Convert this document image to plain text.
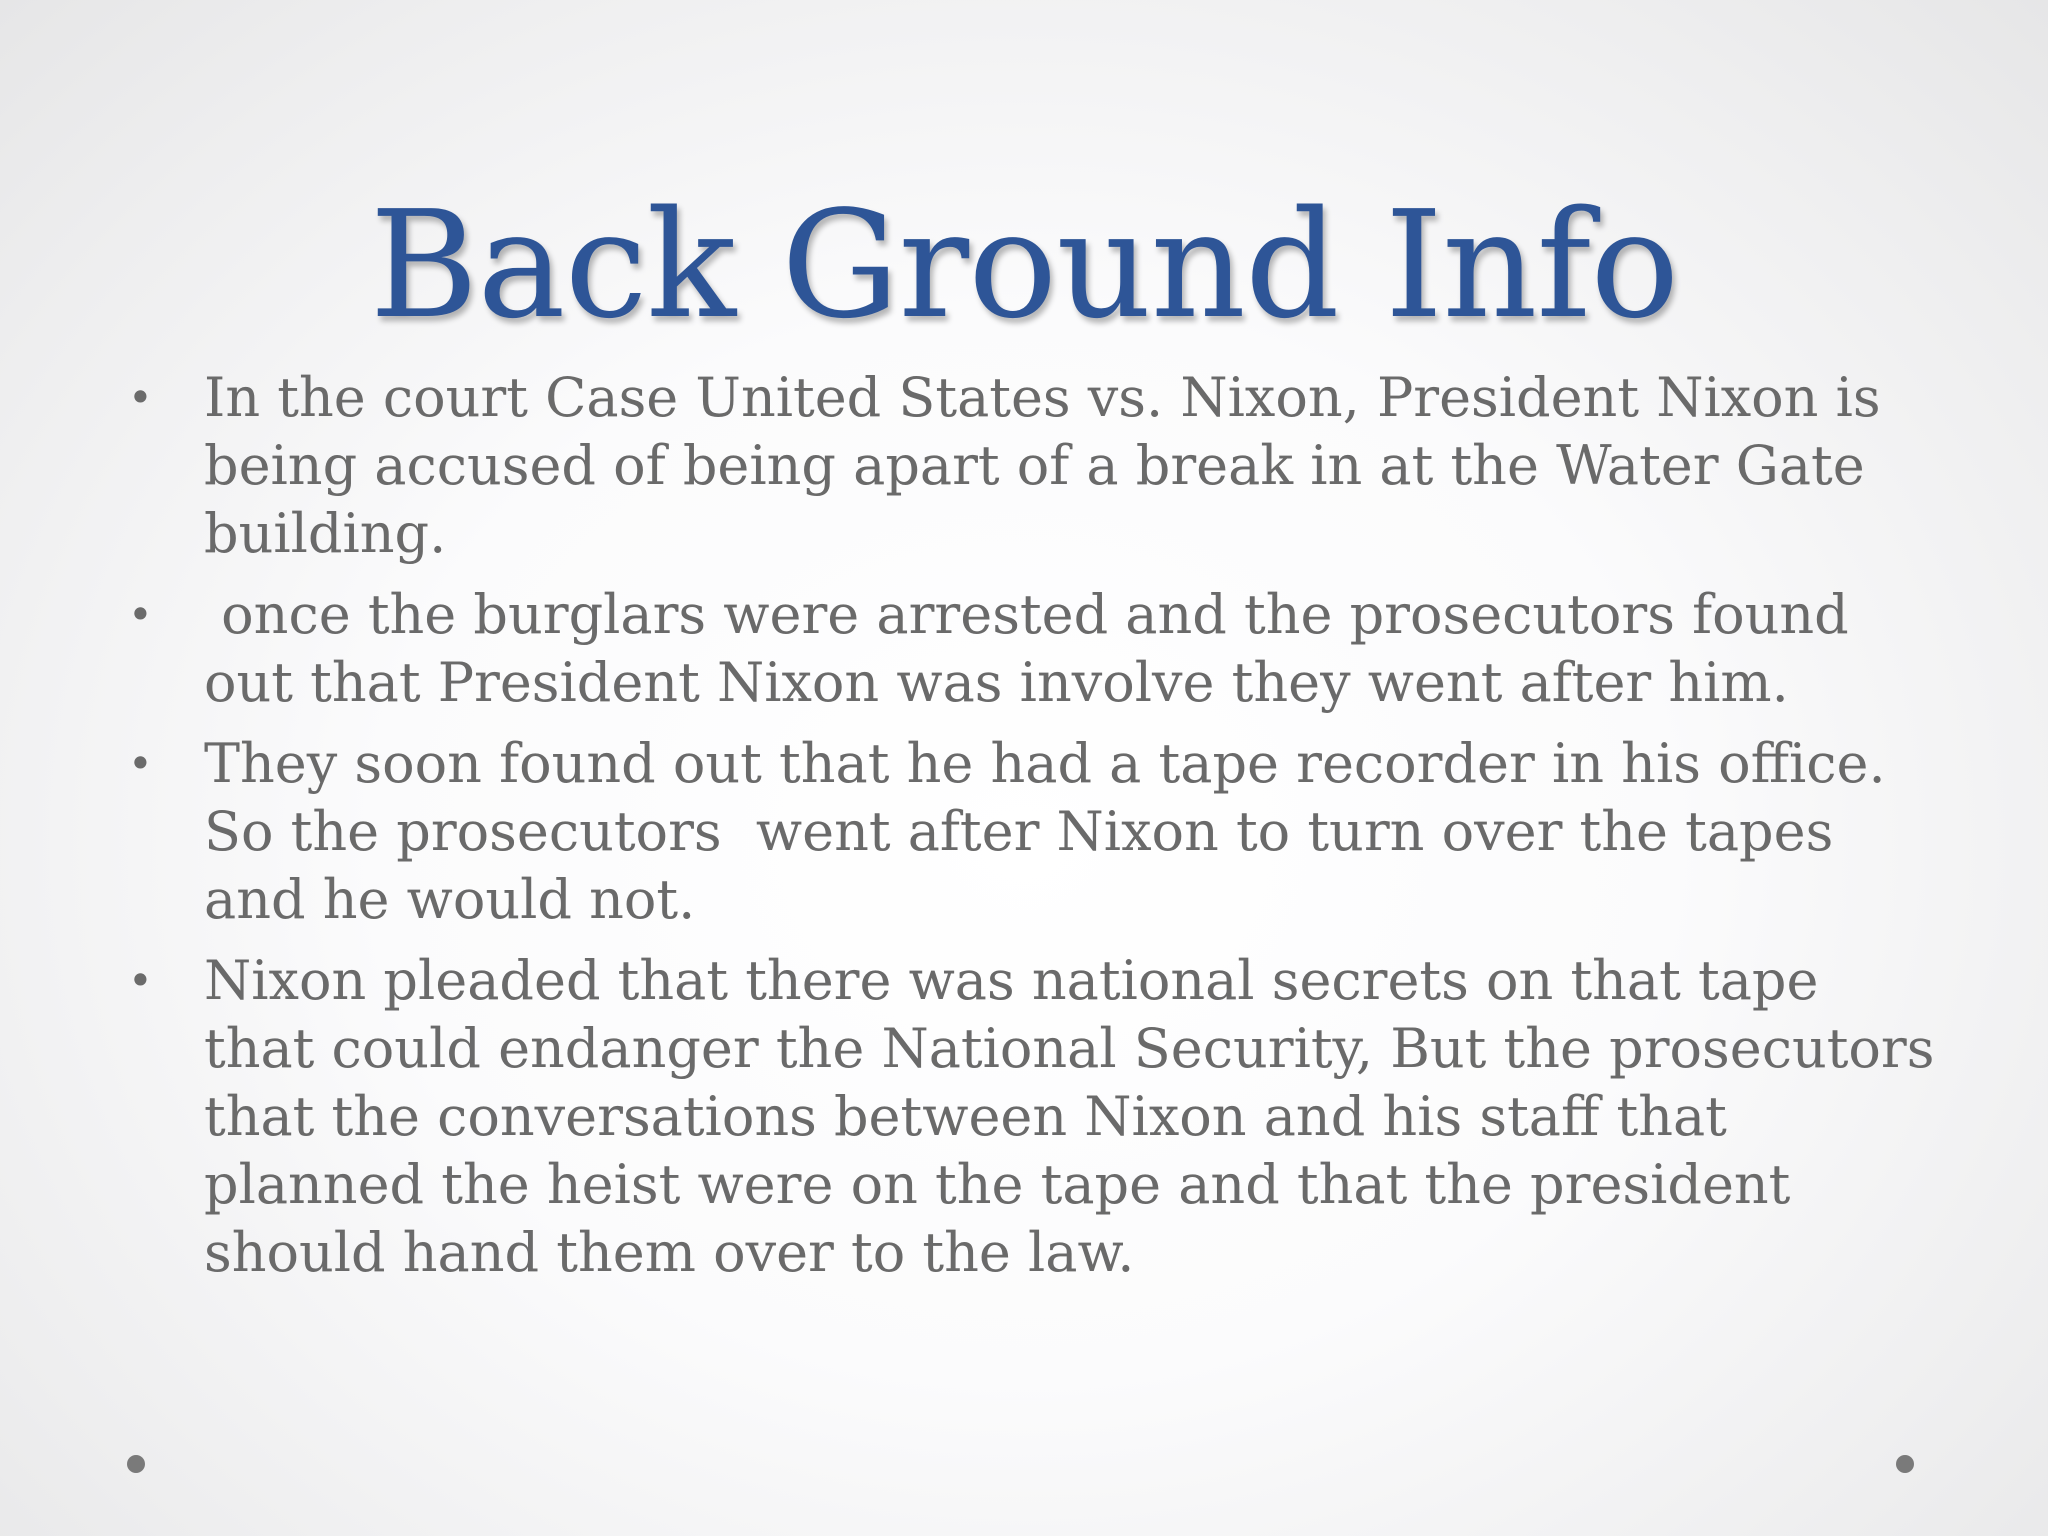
Back Ground Info
• In the court Case United States vs. Nixon, President Nixon is
being accused of being apart of a break in at the Water Gate
building.
• once the burglars were arrested and the prosecutors found
out that President Nixon was involve they went after him.
• They soon found out that he had a tape recorder in his office.
So the prosecutors  went after Nixon to turn over the tapes
and he would not.
• Nixon pleaded that there was national secrets on that tape
that could endanger the National Security, But the prosecutors
that the conversations between Nixon and his staff that
planned the heist were on the tape and that the president
should hand them over to the law.
